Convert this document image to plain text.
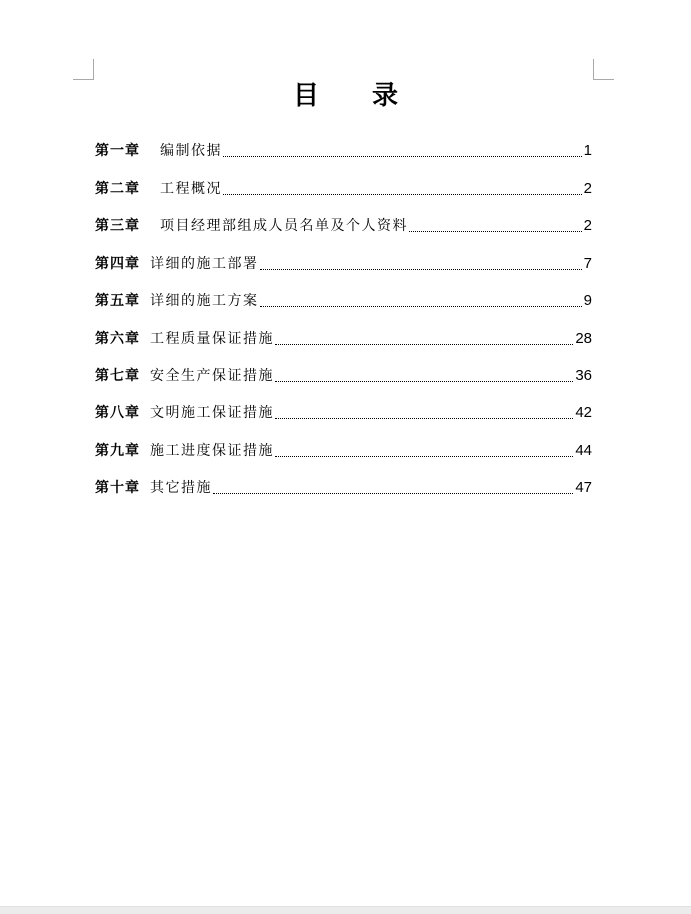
目 录
第一章 编制依据	1
第二章 工程概况	2
第三章 项目经理部组成人员名单及个人资料	2
第四章 详细的施工部署	7
第五章 详细的施工方案	9
第六章 工程质量保证措施	28
第七章 安全生产保证措施	36
第八章 文明施工保证措施	42
第九章 施工进度保证措施	44
第十章 其它措施	47
